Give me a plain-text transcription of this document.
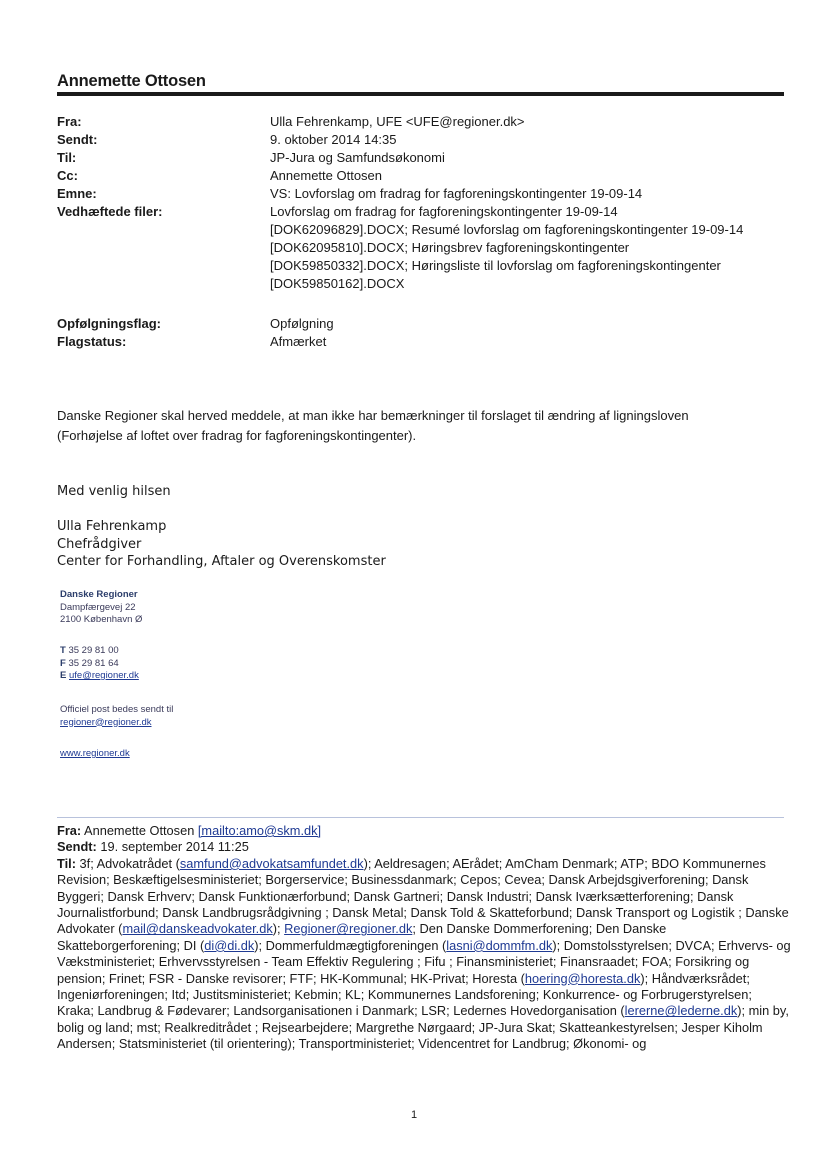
Annemette Ottosen
Fra:	Ulla Fehrenkamp, UFE <UFE@regioner.dk>
Sendt:	9. oktober 2014 14:35
Til:	JP-Jura og Samfundsøkonomi
Cc:	Annemette Ottosen
Emne:	VS: Lovforslag om fradrag for fagforeningskontingenter 19-09-14
Vedhæftede filer:	Lovforslag om fradrag for fagforeningskontingenter 19-09-14
[DOK62096829].DOCX; Resumé lovforslag om fagforeningskontingenter 19-09-14
[DOK62095810].DOCX; Høringsbrev fagforeningskontingenter
[DOK59850332].DOCX; Høringsliste til lovforslag om fagforeningskontingenter
[DOK59850162].DOCX
Opfølgningsflag:	Opfølgning
Flagstatus:	Afmærket
Danske Regioner skal herved meddele, at man ikke har bemærkninger til forslaget til ændring af ligningsloven
(Forhøjelse af loftet over fradrag for fagforeningskontingenter).
Med venlig hilsen
Ulla Fehrenkamp
Chefrådgiver
Center for Forhandling, Aftaler og Overenskomster
Danske Regioner
Dampfærgevej 22
2100 København Ø
T 35 29 81 00
F 35 29 81 64
E ufe@regioner.dk
Officiel post bedes sendt til
regioner@regioner.dk
www.regioner.dk
Fra: Annemette Ottosen [mailto:amo@skm.dk]
Sendt: 19. september 2014 11:25
Til: 3f; Advokatrådet (samfund@advokatsamfundet.dk); Aeldresagen; AErådet; AmCham Denmark; ATP; BDO Kommunernes Revision; Beskæftigelsesministeriet; Borgerservice; Businessdanmark; Cepos; Cevea; Dansk Arbejdsgiverforening; Dansk Byggeri; Dansk Erhverv; Dansk Funktionærforbund; Dansk Gartneri; Dansk Industri; Dansk Iværksætterforening; Dansk Journalistforbund; Dansk Landbrugsrådgivning ; Dansk Metal; Dansk Told & Skatteforbund; Dansk Transport og Logistik ; Danske Advokater (mail@danskeadvokater.dk); Regioner@regioner.dk; Den Danske Dommerforening; Den Danske Skatteborgerforening; DI (di@di.dk); Dommerfuldmægtigforeningen (lasni@dommfm.dk); Domstolsstyrelsen; DVCA; Erhvervs- og Vækstministeriet; Erhvervsstyrelsen - Team Effektiv Regulering ; Fifu ; Finansministeriet; Finansraadet; FOA; Forsikring og pension; Frinet; FSR - Danske revisorer; FTF; HK-Kommunal; HK-Privat; Horesta (hoering@horesta.dk); Håndværksrådet; Ingeniørforeningen; Itd; Justitsministeriet; Kebmin; KL; Kommunernes Landsforening; Konkurrence- og Forbrugerstyrelsen; Kraka; Landbrug & Fødevarer; Landsorganisationen i Danmark; LSR; Ledernes Hovedorganisation (lererne@lederne.dk); min by, bolig og land; mst; Realkreditrådet ; Rejsearbejdere; Margrethe Nørgaard; JP-Jura Skat; Skatteankestyrelsen; Jesper Kiholm Andersen; Statsministeriet (til orientering); Transportministeriet; Videncentret for Landbrug; Økonomi- og
1
